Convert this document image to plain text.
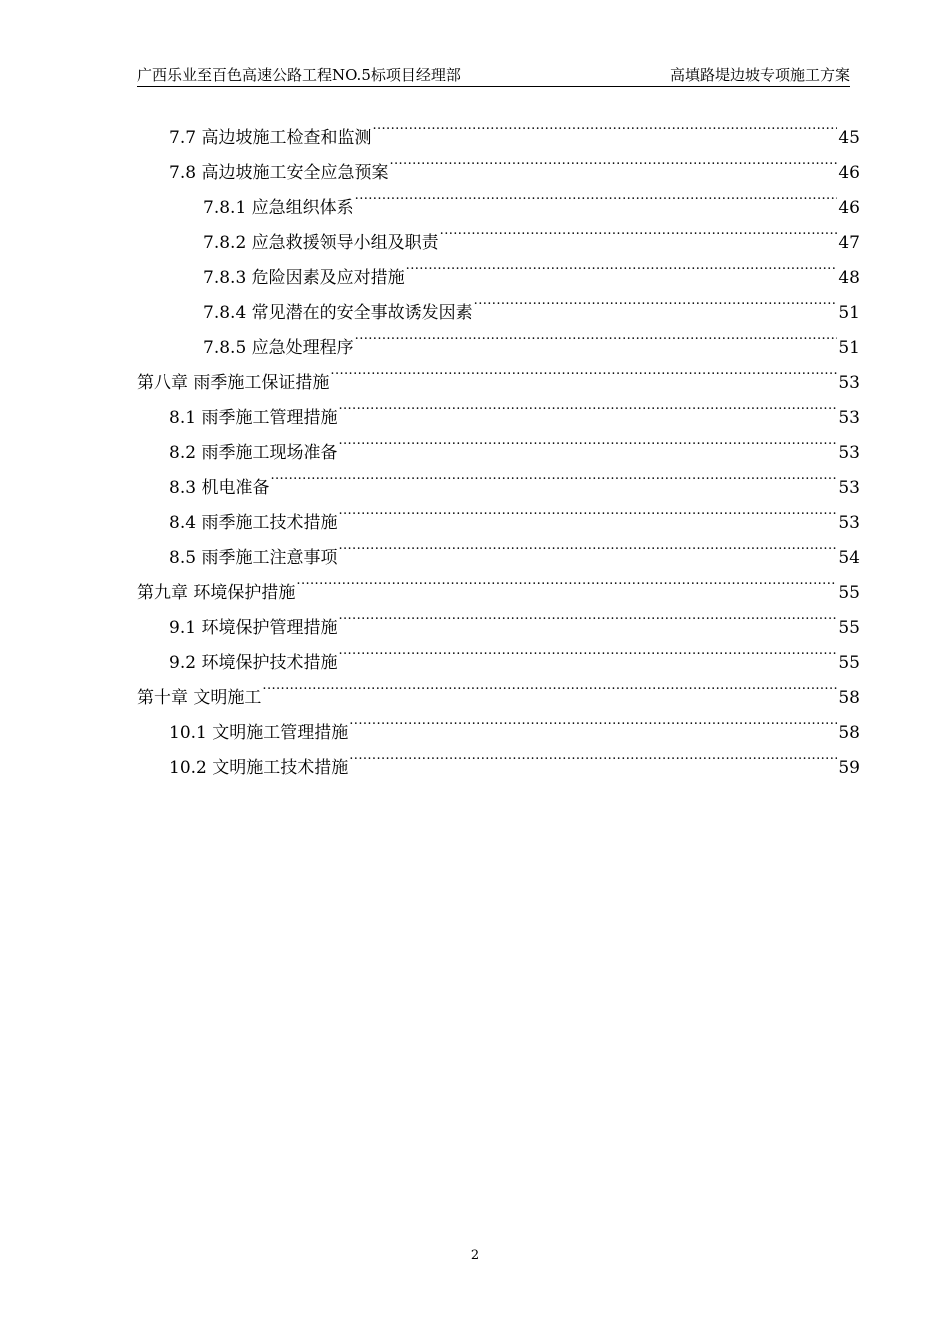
广西乐业至百色高速公路工程NO.5标项目经理部	高填路堤边坡专项施工方案
7.7 高边坡施工检查和监测 .....	45
7.8 高边坡施工安全应急预案 .....	46
7.8.1 应急组织体系 .....	46
7.8.2 应急救援领导小组及职责 .....	47
7.8.3 危险因素及应对措施 .....	48
7.8.4 常见潜在的安全事故诱发因素 .....	51
7.8.5 应急处理程序 .....	51
第八章 雨季施工保证措施 .....	53
8.1 雨季施工管理措施 .....	53
8.2 雨季施工现场准备 .....	53
8.3 机电准备 .....	53
8.4 雨季施工技术措施 .....	53
8.5 雨季施工注意事项 .....	54
第九章 环境保护措施 .....	55
9.1 环境保护管理措施 .....	55
9.2 环境保护技术措施 .....	55
第十章 文明施工 .....	58
10.1 文明施工管理措施 .....	58
10.2 文明施工技术措施 .....	59
2
